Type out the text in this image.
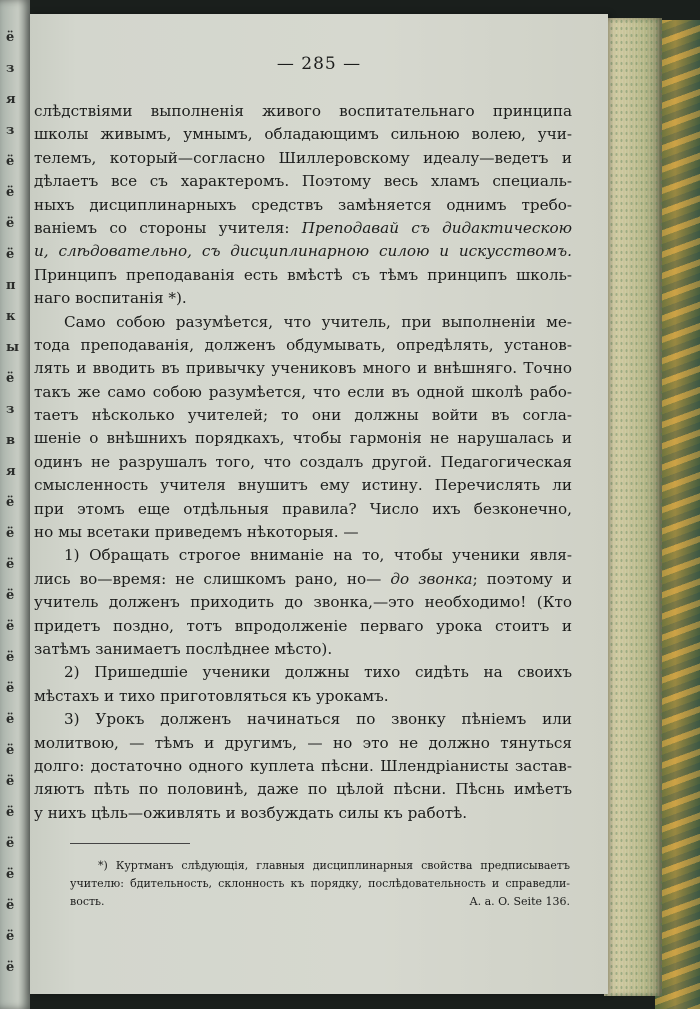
ё
з
я
з
ё
ё
ё
ё
п
к
ы
ё
з
в
я
ё
ё
ё
ё
ё
ё
ё
ё
ё
ё
ё
ё
ё
ё
ё
ё
— 285 —
слѣдствіями выполненія живого воспитательнаго принципа
школы живымъ, умнымъ, обладающимъ сильною волею, учи-
телемъ, который—согласно Шиллеровскому идеалу—ведетъ и
дѣлаетъ все съ характеромъ. Поэтому весь хламъ специаль-
ныхъ дисциплинарныхъ средствъ замѣняется однимъ требо-
ваніемъ со стороны учителя: Преподавай съ дидактическою
и, слѣдовательно, съ дисциплинарною силою и искусствомъ.
Принципъ преподаванія есть вмѣстѣ съ тѣмъ принципъ школь-
наго воспитанія *).
Само собою разумѣется, что учитель, при выполненіи ме-
тода преподаванія, долженъ обдумывать, опредѣлять, установ-
лять и вводить въ привычку учениковъ много и внѣшняго. Точно
такъ же само собою разумѣется, что если въ одной школѣ рабо-
таетъ нѣсколько учителей; то они должны войти въ согла-
шеніе о внѣшнихъ порядкахъ, чтобы гармонія не нарушалась и
одинъ не разрушалъ того, что создалъ другой. Педагогическая
смысленность учителя внушитъ ему истину. Перечислять ли
при этомъ еще отдѣльныя правила? Число ихъ безконечно,
но мы всетаки приведемъ нѣкоторыя. —
1) Обращать строгое вниманіе на то, чтобы ученики явля-
лись во—время: не слишкомъ рано, но— до звонка; поэтому и
учитель долженъ приходить до звонка,—это необходимо! (Кто
придетъ поздно, тотъ впродолженіе перваго урока стоитъ и
затѣмъ занимаетъ послѣднее мѣсто).
2) Пришедшіе ученики должны тихо сидѣть на своихъ
мѣстахъ и тихо приготовляться къ урокамъ.
3) Урокъ долженъ начинаться по звонку пѣніемъ или
молитвою, — тѣмъ и другимъ, — но это не должно тянуться
долго: достаточно одного куплета пѣсни. Шлендріанисты застав-
ляютъ пѣть по половинѣ, даже по цѣлой пѣсни. Пѣснь имѣетъ
у нихъ цѣль—оживлять и возбуждать силы къ работѣ.
*) Куртманъ слѣдующія, главныя дисциплинарныя свойства предписываетъ
учителю: бдительность, склонность къ порядку, послѣдовательность и справедли-
вость.	A. a. O. Seite 136.
